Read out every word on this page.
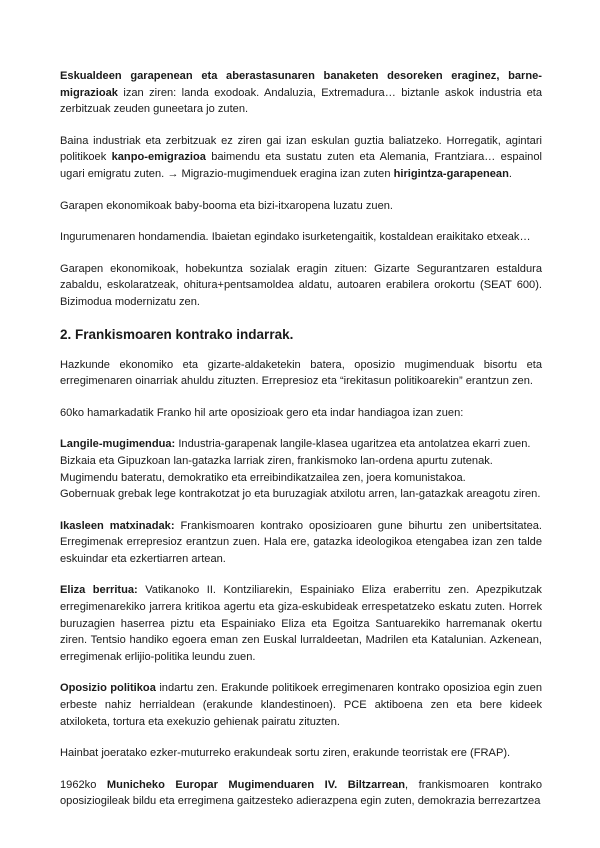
Eskualdeen garapenean eta aberastasunaren banaketen desoreken eraginez, barne-migrazioak izan ziren: landa exodoak. Andaluzia, Extremadura… biztanle askok industria eta zerbitzuak zeuden guneetara jo zuten.

Baina industriak eta zerbitzuak ez ziren gai izan eskulan guztia baliatzeko. Horregatik, agintari politikoek kanpo-emigrazioa baimendu eta sustatu zuten eta Alemania, Frantziara… espainol ugari emigratu zuten. → Migrazio-mugimenduek eragina izan zuten hirigintza-garapenean.

Garapen ekonomikoak baby-booma eta bizi-itxaropena luzatu zuen.

Ingurumenaren hondamendia. Ibaietan egindako isurketengaitik, kostaldean eraikitako etxeak…

Garapen ekonomikoak, hobekuntza sozialak eragin zituen: Gizarte Segurantzaren estaldura zabaldu, eskolaratzeak, ohitura+pentsamoldea aldatu, autoaren erabilera orokortu (SEAT 600). Bizimodua modernizatu zen.

2. Frankismoaren kontrako indarrak.

Hazkunde ekonomiko eta gizarte-aldaketekin batera, oposizio mugimenduak bisortu eta erregimenaren oinarriak ahuldu zituzten. Errepresioz eta “irekitasun politikoarekin” erantzun zen.

60ko hamarkadatik Franko hil arte oposizioak gero eta indar handiagoa izan zuen:

Langile-mugimendua: Industria-garapenak langile-klasea ugaritzea eta antolatzea ekarri zuen.
Bizkaia eta Gipuzkoan lan-gatazka larriak ziren, frankismoko lan-ordena apurtu zutenak.
Mugimendu bateratu, demokratiko eta erreibindikatzailea zen, joera komunistakoa.
Gobernuak grebak lege kontrakotzat jo eta buruzagiak atxilotu arren, lan-gatazkak areagotu ziren.

Ikasleen matxinadak: Frankismoaren kontrako oposizioaren gune bihurtu zen unibertsitatea. Erregimenak errepresioz erantzun zuen. Hala ere, gatazka ideologikoa etengabea izan zen talde eskuindar eta ezkertiarren artean.

Eliza berritua: Vatikanoko II. Kontziliarekin, Espainiako Eliza eraberritu zen. Apezpikutzak erregimenarekiko jarrera kritikoa agertu eta giza-eskubideak errespetatzeko eskatu zuten. Horrek buruzagien haserrea piztu eta Espainiako Eliza eta Egoitza Santuarekiko harremanak okertu ziren. Tentsio handiko egoera eman zen Euskal lurraldeetan, Madrilen eta Katalunian. Azkenean, erregimenak erlijio-politika leundu zuen.

Oposizio politikoa indartu zen. Erakunde politikoek erregimenaren kontrako oposizioa egin zuen erbeste nahiz herrialdean (erakunde klandestinoen). PCE aktiboena zen eta bere kideek atxiloketa, tortura eta exekuzio gehienak pairatu zituzten.

Hainbat joeratako ezker-muturreko erakundeak sortu ziren, erakunde teorristak ere (FRAP).

1962ko Municheko Europar Mugimenduaren IV. Biltzarrean, frankismoaren kontrako oposiziogileak bildu eta erregimena gaitzesteko adierazpena egin zuten, demokrazia berrezartzea
